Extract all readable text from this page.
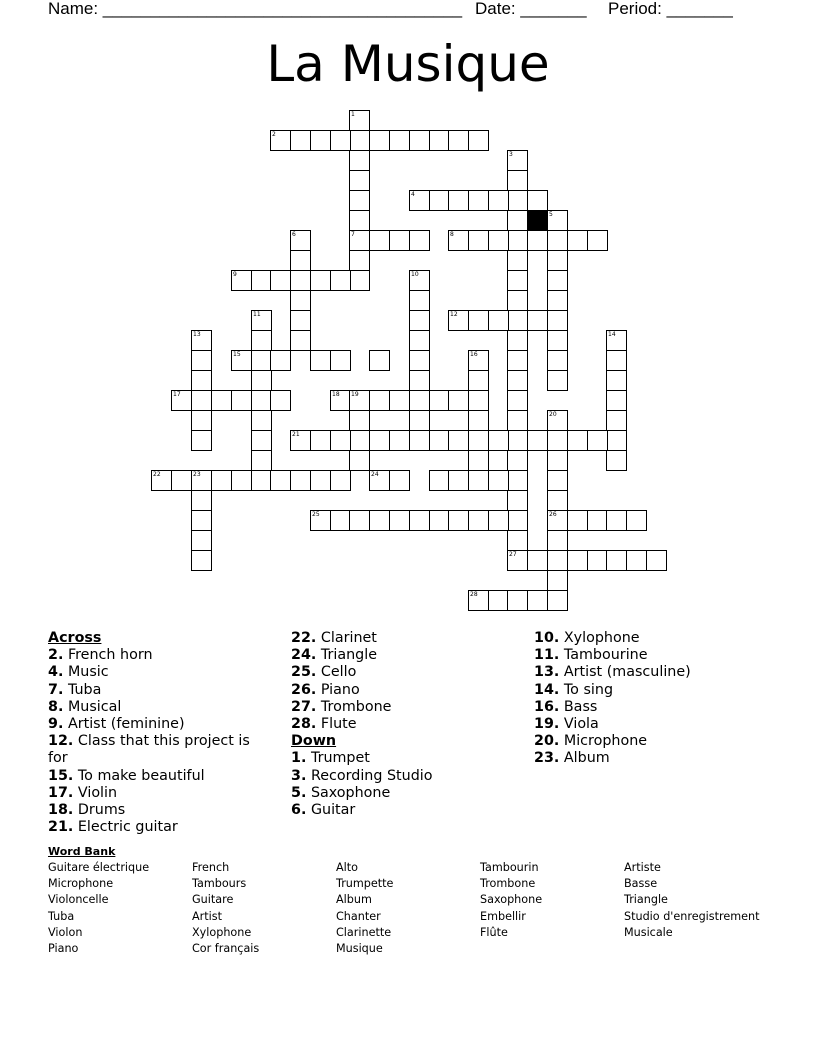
Name: ______________________________________ Date: _______ Period: _______
La Musique
1
7
2
3
4
5
6	8
9	10
11	12
13	14
15	16
17	18 19
20
26
21
22	23	24
25
27
28
Across
2. French horn
4. Music
7. Tuba
8. Musical
9. Artist (feminine)
12. Class that this project is for
15. To make beautiful
17. Violin
18. Drums
21. Electric guitar
22. Clarinet
24. Triangle
25. Cello
26. Piano
27. Trombone
28. Flute
Down
1. Trumpet
3. Recording Studio
5. Saxophone
6. Guitar
10. Xylophone
11. Tambourine
13. Artist (masculine)
14. To sing
16. Bass
19. Viola
20. Microphone
23. Album
Word Bank
Guitare électrique
Microphone
Violoncelle
Tuba
Violon
Piano
French
Tambours
Guitare
Artist
Xylophone
Cor français
Alto
Trumpette
Album
Chanter
Clarinette
Musique
Tambourin
Trombone
Saxophone
Embellir
Flûte
Artiste
Basse
Triangle
Studio d'enregistrement
Musicale
